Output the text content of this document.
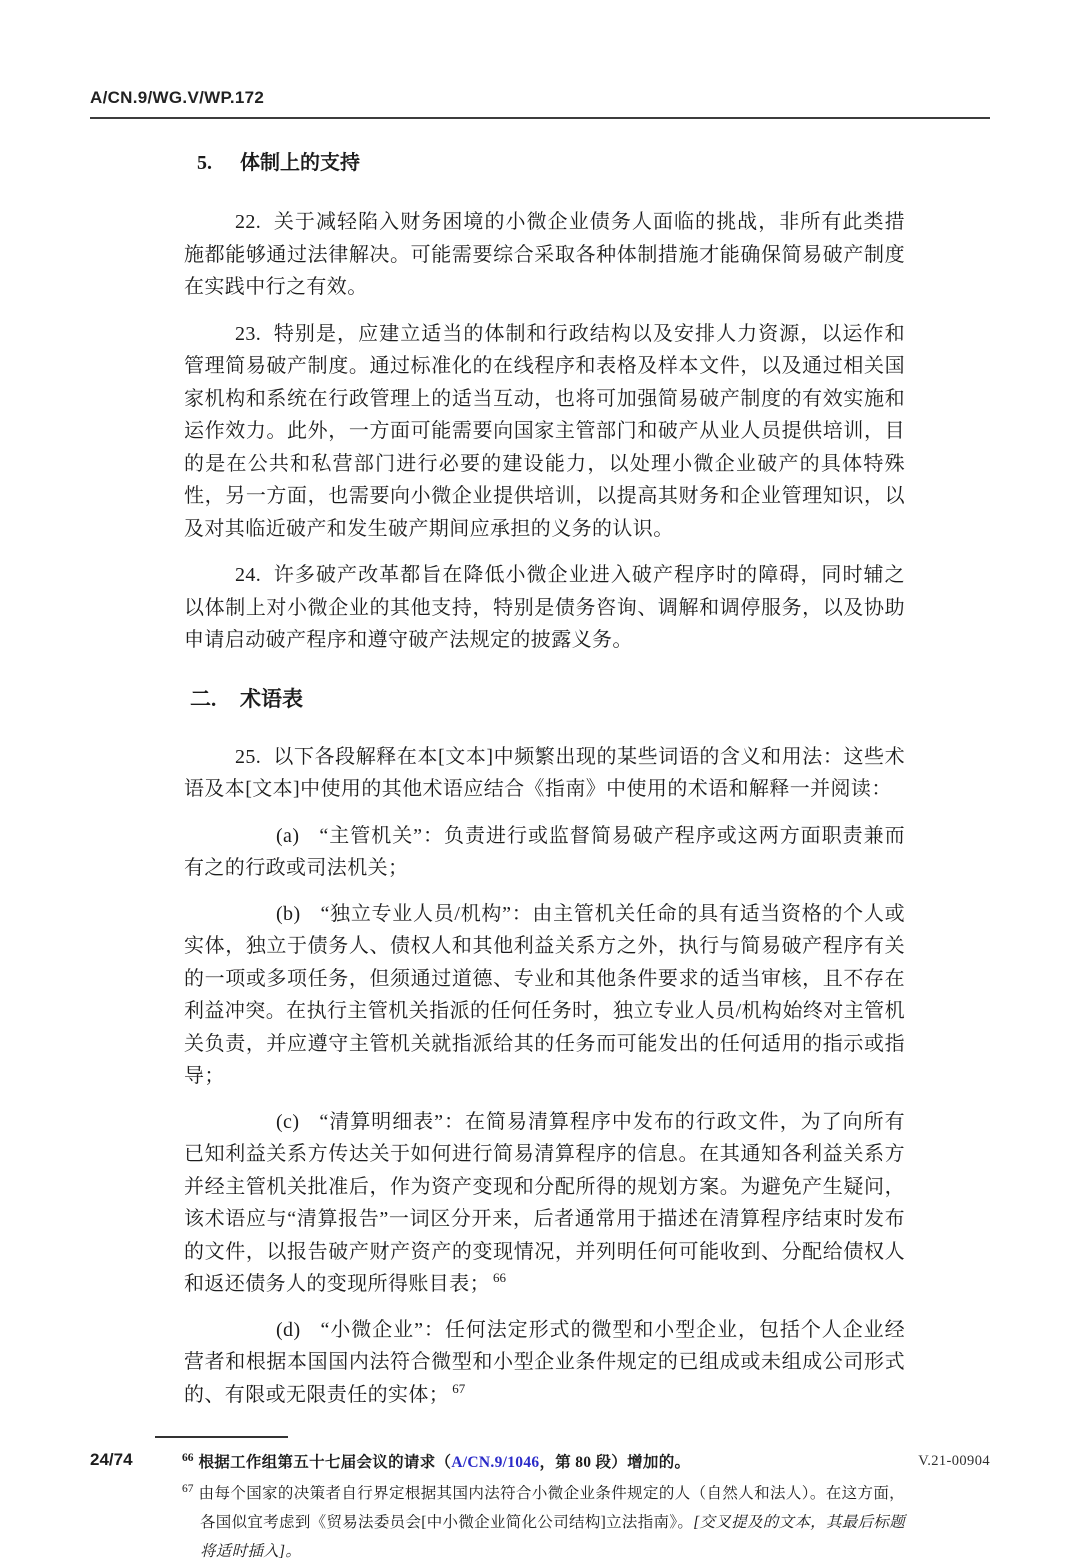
A/CN.9/WG.V/WP.172
5. 体制上的支持

22. 关于减轻陷入财务困境的小微企业债务人面临的挑战，非所有此类措施都能够通过法律解决。可能需要综合采取各种体制措施才能确保简易破产制度在实践中行之有效。

23. 特别是，应建立适当的体制和行政结构以及安排人力资源，以运作和管理简易破产制度。通过标准化的在线程序和表格及样本文件，以及通过相关国家机构和系统在行政管理上的适当互动，也将可加强简易破产制度的有效实施和运作效力。此外，一方面可能需要向国家主管部门和破产从业人员提供培训，目的是在公共和私营部门进行必要的建设能力，以处理小微企业破产的具体特殊性，另一方面，也需要向小微企业提供培训，以提高其财务和企业管理知识，以及对其临近破产和发生破产期间应承担的义务的认识。

24. 许多破产改革都旨在降低小微企业进入破产程序时的障碍，同时辅之以体制上对小微企业的其他支持，特别是债务咨询、调解和调停服务，以及协助申请启动破产程序和遵守破产法规定的披露义务。

二. 术语表

25. 以下各段解释在本[文本]中频繁出现的某些词语的含义和用法：这些术语及本[文本]中使用的其他术语应结合《指南》中使用的术语和解释一并阅读：

(a) “主管机关”：负责进行或监督简易破产程序或这两方面职责兼而有之的行政或司法机关；

(b) “独立专业人员/机构”：由主管机关任命的具有适当资格的个人或实体，独立于债务人、债权人和其他利益关系方之外，执行与简易破产程序有关的一项或多项任务，但须通过道德、专业和其他条件要求的适当审核，且不存在利益冲突。在执行主管机关指派的任何任务时，独立专业人员/机构始终对主管机关负责，并应遵守主管机关就指派给其的任务而可能发出的任何适用的指示或指导；

(c) “清算明细表”：在简易清算程序中发布的行政文件，为了向所有已知利益关系方传达关于如何进行简易清算程序的信息。在其通知各利益关系方并经主管机关批准后，作为资产变现和分配所得的规划方案。为避免产生疑问，该术语应与“清算报告”一词区分开来，后者通常用于描述在清算程序结束时发布的文件，以报告破产财产资产的变现情况，并列明任何可能收到、分配给债权人和返还债务人的变现所得账目表； $^{66}$

(d) “小微企业”：任何法定形式的微型和小型企业，包括个人企业经营者和根据本国国内法符合微型和小型企业条件规定的已组成或未组成公司形式的、有限或无限责任的实体； $^{67}$

$^{66}$ 根据工作组第五十七届会议的请求（A/CN.9/1046，第 80 段）增加的。

$^{67}$ 由每个国家的决策者自行界定根据其国内法符合小微企业条件规定的人（自然人和法人）。在这方面，各国似宜考虑到《贸易法委员会[中小微企业简化公司结构]立法指南》。[交叉提及的文本，其最后标题将适时插入]。

24/74	V.21-00904
